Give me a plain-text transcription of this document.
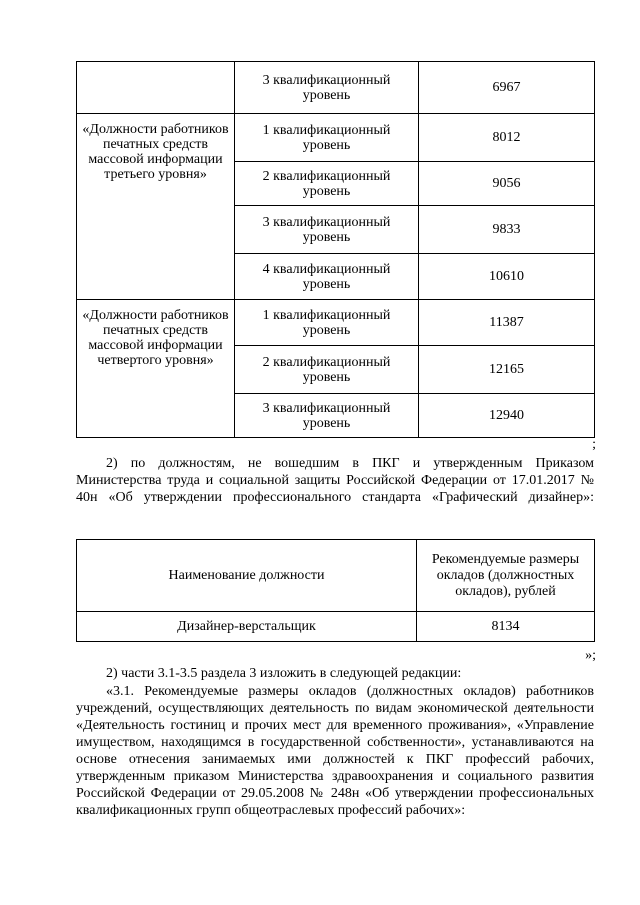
	3 квалификационный уровень	6967
«Должности работников печатных средств массовой информации третьего уровня»	1 квалификационный уровень	8012
	2 квалификационный уровень	9056
	3 квалификационный уровень	9833
	4 квалификационный уровень	10610
«Должности работников печатных средств массовой информации четвертого уровня»	1 квалификационный уровень	11387
	2 квалификационный уровень	12165
	3 квалификационный уровень	12940
;

2) по должностям, не вошедшим в ПКГ и утвержденным Приказом Министерства труда и социальной защиты Российской Федерации от 17.01.2017 № 40н «Об утверждении профессионального стандарта «Графический дизайнер»:

Наименование должности	Рекомендуемые размеры окладов (должностных окладов), рублей
Дизайнер-верстальщик	8134
»;

2) части 3.1-3.5 раздела 3 изложить в следующей редакции:

«3.1. Рекомендуемые размеры окладов (должностных окладов) работников учреждений, осуществляющих деятельность по видам экономической деятельности «Деятельность гостиниц и прочих мест для временного проживания», «Управление имуществом, находящимся в государственной собственности», устанавливаются на основе отнесения занимаемых ими должностей к ПКГ профессий рабочих, утвержденным приказом Министерства здравоохранения и социального развития Российской Федерации от 29.05.2008 № 248н «Об утверждении профессиональных квалификационных групп общеотраслевых профессий рабочих»:
